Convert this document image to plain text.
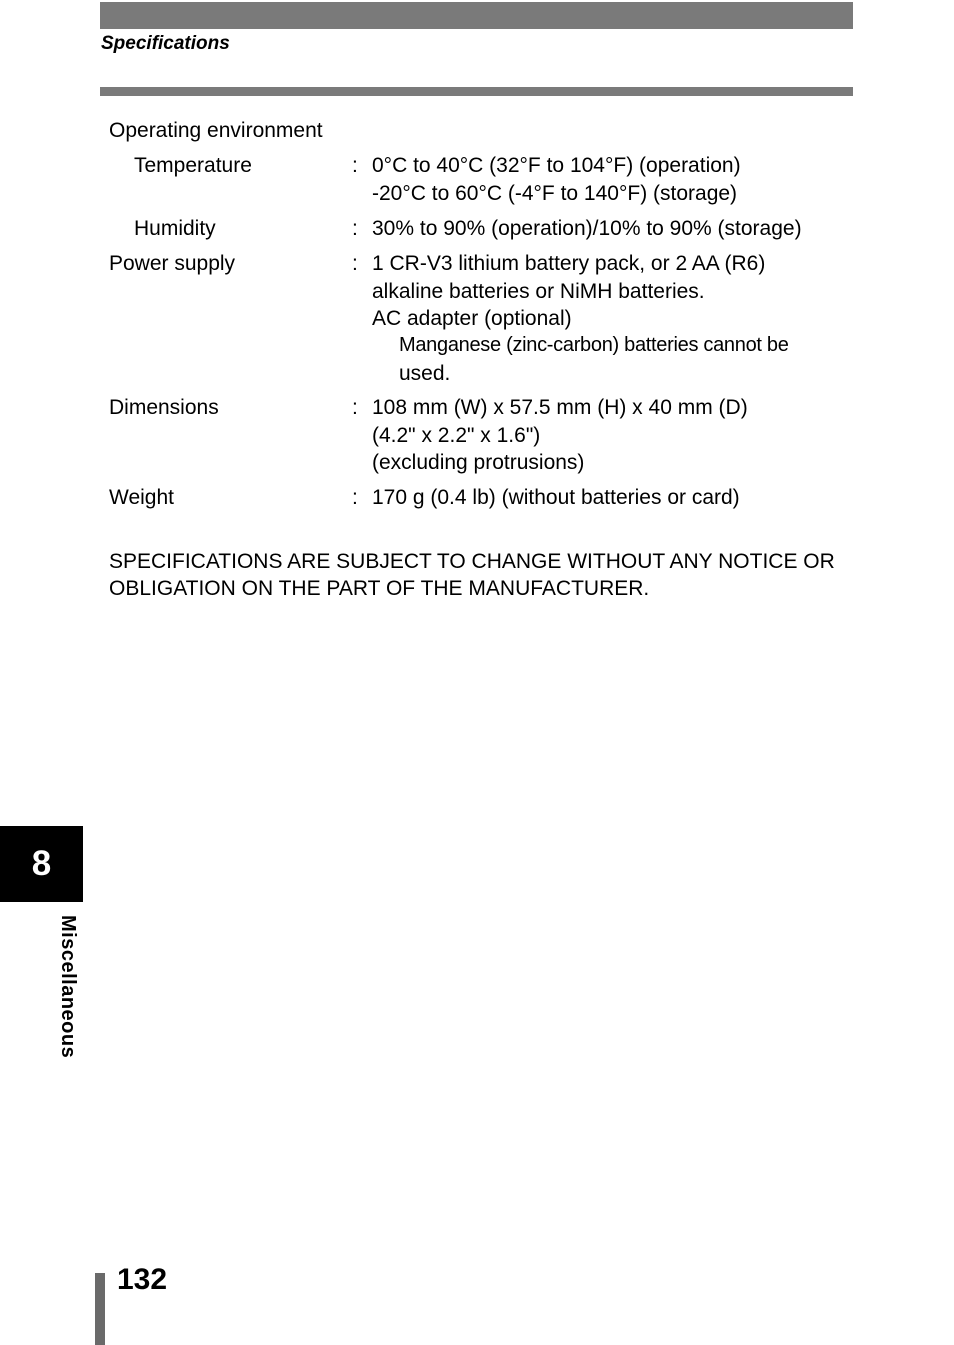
Specifications
Operating environment
Temperature	: 0°C to 40°C (32°F to 104°F) (operation)
-20°C to 60°C (-4°F to 140°F) (storage)
Humidity	: 30% to 90% (operation)/10% to 90% (storage)
Power supply	: 1 CR-V3 lithium battery pack, or 2 AA (R6)
alkaline batteries or NiMH batteries.
AC adapter (optional)
Manganese (zinc-carbon) batteries cannot be
used.
Dimensions	: 108 mm (W) x 57.5 mm (H) x 40 mm (D)
(4.2" x 2.2" x 1.6")
(excluding protrusions)
Weight	: 170 g (0.4 lb) (without batteries or card)
SPECIFICATIONS ARE SUBJECT TO CHANGE WITHOUT ANY NOTICE OR OBLIGATION ON THE PART OF THE MANUFACTURER.
8
Miscellaneous
132
